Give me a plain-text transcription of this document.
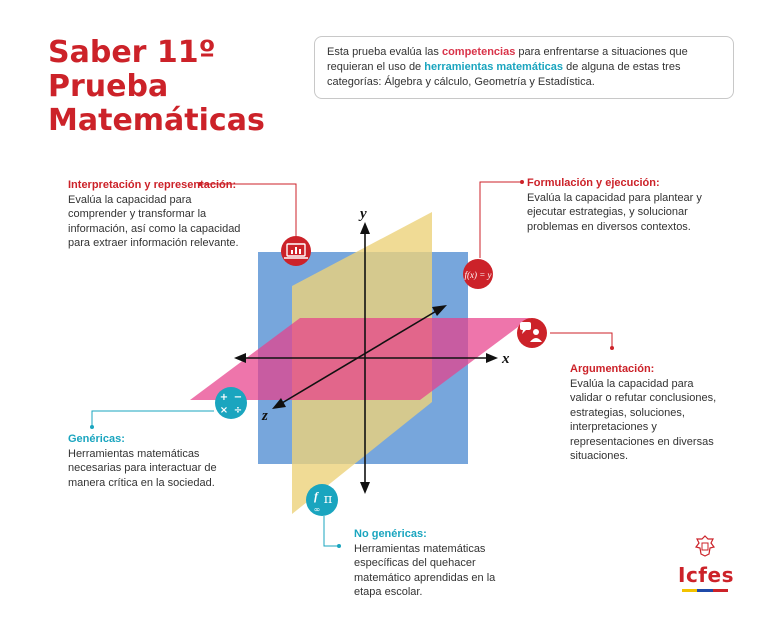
Saber 11º
Prueba
Matemáticas
Esta prueba evalúa las competencias para enfrentarse a situaciones que requieran el uso de herramientas matemáticas de alguna de estas tres categorías: Álgebra y cálculo, Geometría y Estadística.
y
x
z
f(x) = y
+ −
× ÷
f π
∞
Interpretación y representación:
Evalúa la capacidad para comprender y transformar la información, así como la capacidad para extraer información relevante.
Formulación y ejecución:
Evalúa la capacidad para plantear y ejecutar estrategias, y solucionar problemas en diversos contextos.
Argumentación:
Evalúa la capacidad para validar o refutar conclusiones, estrategias, soluciones, interpretaciones y representaciones en diversas situaciones.
Genéricas:
Herramientas matemáticas necesarias para interactuar de manera crítica en la sociedad.
No genéricas:
Herramientas matemáticas específicas del quehacer matemático aprendidas en la etapa escolar.
Icfes
